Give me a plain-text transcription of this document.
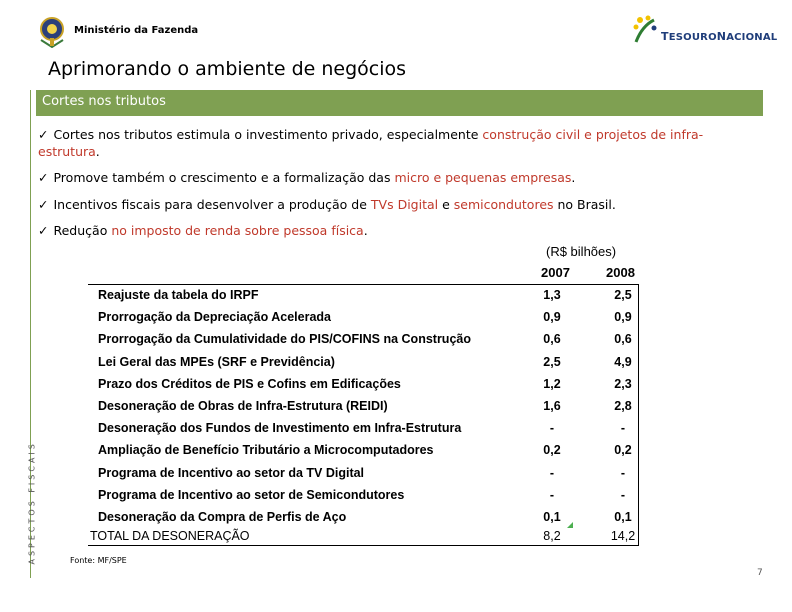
Ministério da Fazenda	TESOURONACIONAL
Aprimorando o ambiente de negócios
Cortes nos tributos
ASPECTOS FISCAIS
✓ Cortes nos tributos estimula o investimento privado, especialmente construção civil e projetos de infra-estrutura.
✓ Promove também o crescimento e a formalização das micro e pequenas empresas.
✓ Incentivos fiscais para desenvolver a produção de TVs Digital e semicondutores no Brasil.
✓ Redução no imposto de renda sobre pessoa física.
(R$ bilhões)
2007	2008
Reajuste da tabela do IRPF	1,3	2,5
Prorrogação da Depreciação Acelerada	0,9	0,9
Prorrogação da Cumulatividade do PIS/COFINS na Construção	0,6	0,6
Lei Geral das MPEs (SRF e Previdência)	2,5	4,9
Prazo dos Créditos de PIS e Cofins em Edificações	1,2	2,3
Desoneração de Obras de Infra-Estrutura (REIDI)	1,6	2,8
Desoneração dos Fundos de Investimento em Infra-Estrutura	-	-
Ampliação de Benefício Tributário a Microcomputadores	0,2	0,2
Programa de Incentivo ao setor da TV Digital	-	-
Programa de Incentivo ao setor de Semicondutores	-	-
Desoneração da Compra de Perfis de Aço	0,1	0,1
TOTAL DA DESONERAÇÃO	8,2	14,2
Fonte: MF/SPE
7
